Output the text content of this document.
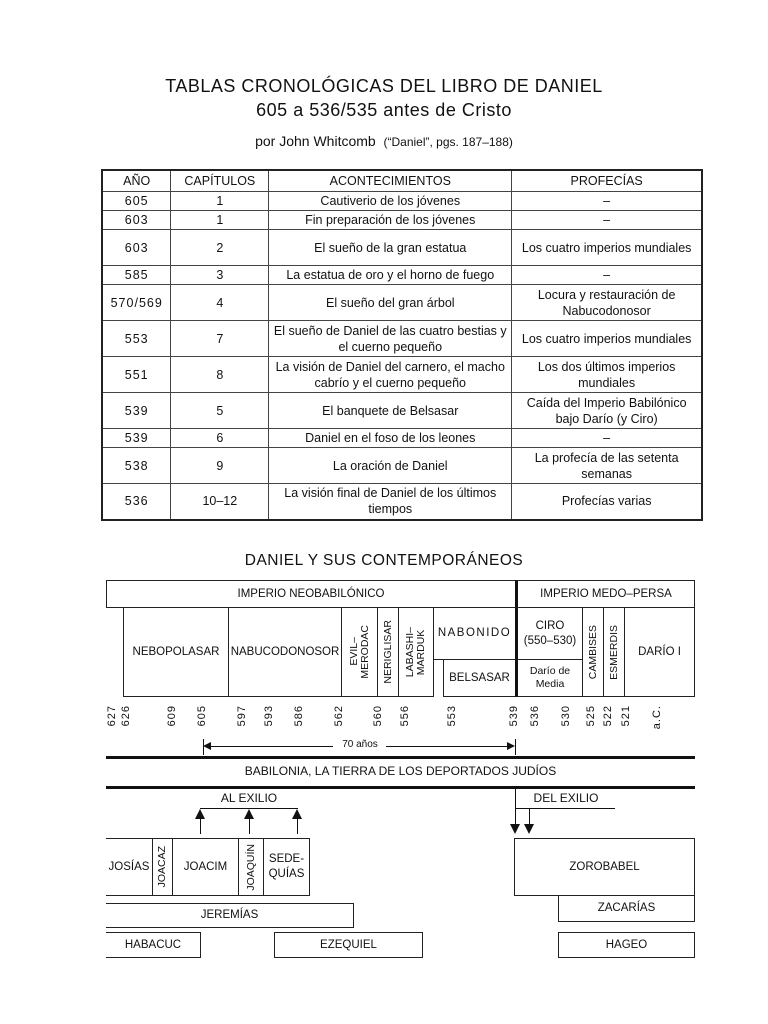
TABLAS CRONOLÓGICAS DEL LIBRO DE DANIEL
605 a 536/535 antes de Cristo
por John Whitcomb (“Daniel”, pgs. 187–188)
AÑO	CAPÍTULOS	ACONTECIMIENTOS	PROFECÍAS
605	1	Cautiverio de los jóvenes	–
603	1	Fin preparación de los jóvenes	–
603	2	El sueño de la gran estatua	Los cuatro imperios mundiales
585	3	La estatua de oro y el horno de fuego	–
570/569	4	El sueño del gran árbol	Locura y restauración de Nabucodonosor
553	7	El sueño de Daniel de las cuatro bestias y el cuerno pequeño	Los cuatro imperios mundiales
551	8	La visión de Daniel del carnero, el macho cabrío y el cuerno pequeño	Los dos últimos imperios mundiales
539	5	El banquete de Belsasar	Caída del Imperio Babilónico bajo Darío (y Ciro)
539	6	Daniel en el foso de los leones	–
538	9	La oración de Daniel	La profecía de las setenta semanas
536	10–12	La visión final de Daniel de los últimos tiempos	Profecías varias
DANIEL Y SUS CONTEMPORÁNEOS
IMPERIO NEOBABILÓNICO	IMPERIO MEDO–PERSA
NEBOPOLASAR NABUCODONOSOR EVIL–
MERODAC NERIGLISAR LABASHI–
MARDUK NABONIDO
BELSASAR
CIRO
(550–530)
Darío de Media
CAMBISES ESMERDIS DARÍO I
627 626	609 605	597 593 586	562 560 556	553	539 536 530 525 522 521 a.C.
70 años
BABILONIA, LA TIERRA DE LOS DEPORTADOS JUDÍOS
AL EXILIO	DEL EXILIO
JOSÍAS JOACAZ JOACIM JOAQUÍN SEDE-
QUÍAS
ZOROBABEL
JEREMÍAS
ZACARÍAS
HABACUC	EZEQUIEL	HAGEO
